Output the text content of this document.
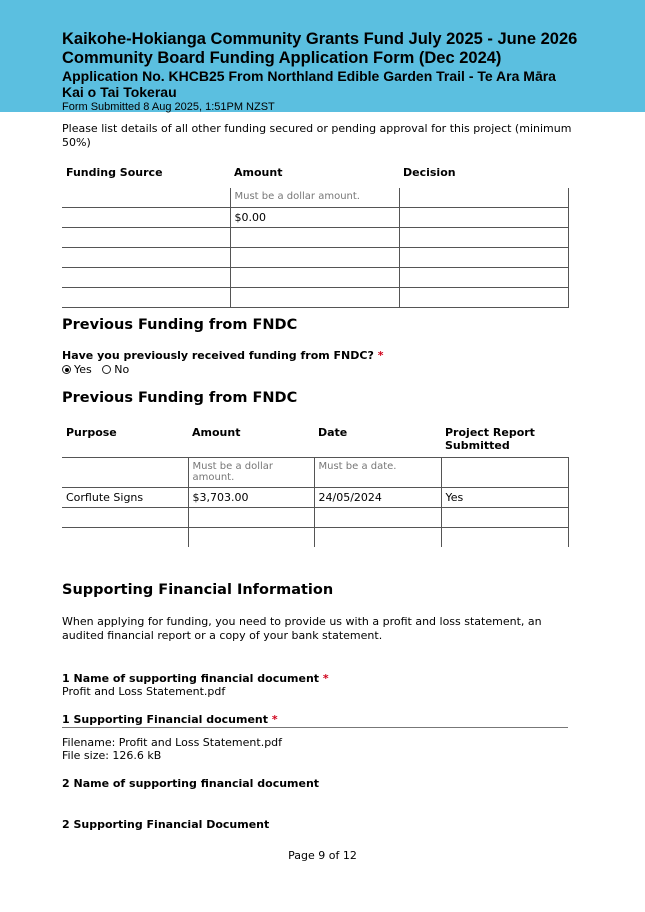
Kaikohe-Hokianga Community Grants Fund July 2025 - June 2026
Community Board Funding Application Form (Dec 2024)
Application No. KHCB25 From Northland Edible Garden Trail - Te Ara Māra
Kai o Tai Tokerau
Form Submitted 8 Aug 2025, 1:51PM NZST
Please list details of all other funding secured or pending approval for this project (minimum 50%)
Funding Source	Amount	Decision
	Must be a dollar amount.	
	$0.00	

Previous Funding from FNDC
Have you previously received funding from FNDC? *
Yes No
Previous Funding from FNDC
Purpose	Amount	Date	Project Report Submitted
	Must be a dollar amount.	Must be a date.	
Corflute Signs	$3,703.00	24/05/2024	Yes

Supporting Financial Information
When applying for funding, you need to provide us with a profit and loss statement, an audited financial report or a copy of your bank statement.
1 Name of supporting financial document *
Profit and Loss Statement.pdf
1 Supporting Financial document *
Filename: Profit and Loss Statement.pdf
File size: 126.6 kB
2 Name of supporting financial document
2 Supporting Financial Document
Page 9 of 12
